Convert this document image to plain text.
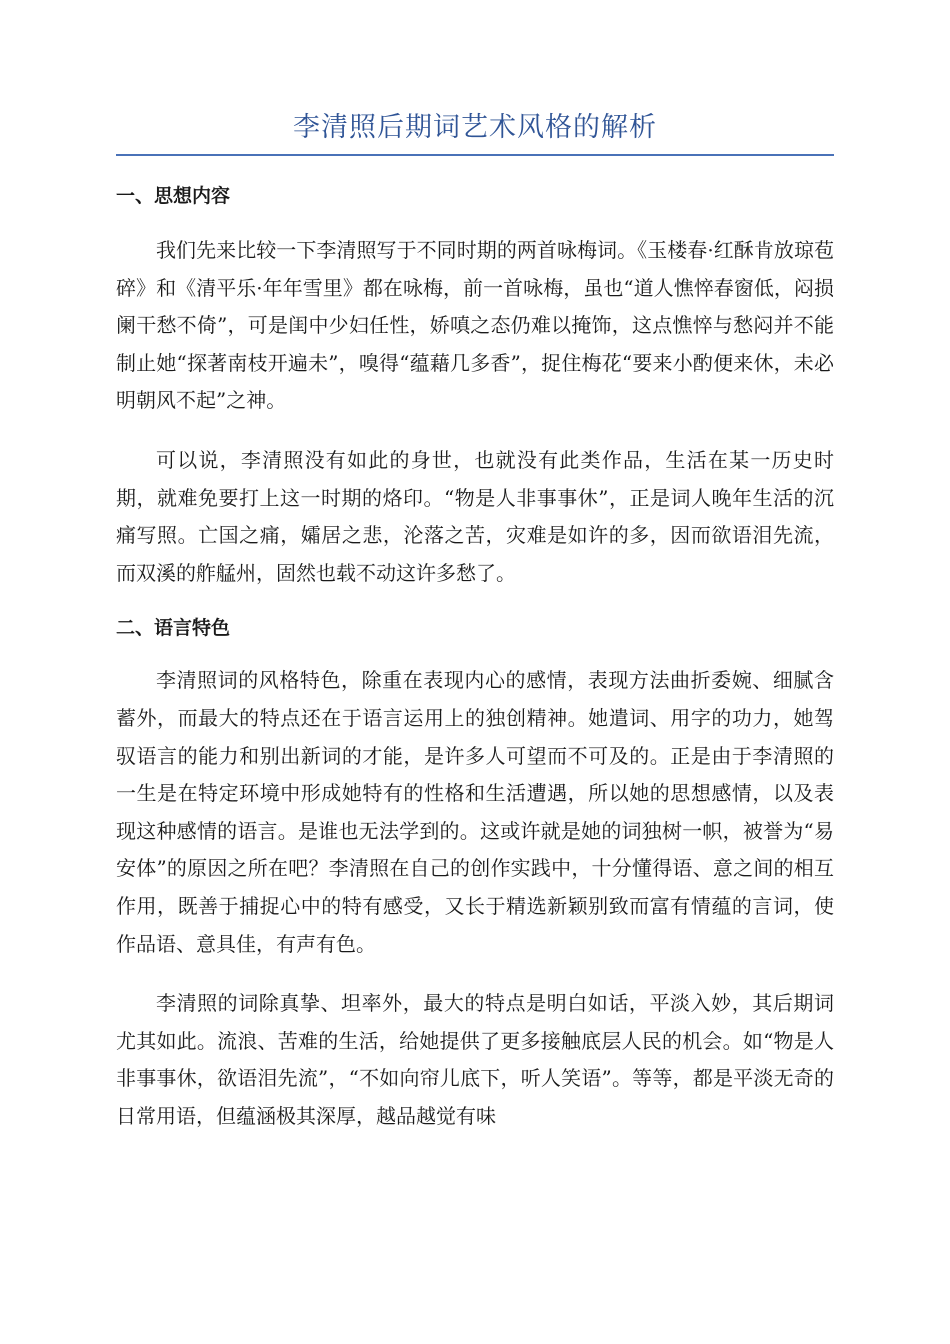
李清照后期词艺术风格的解析
一、思想内容

我们先来比较一下李清照写于不同时期的两首咏梅词。《玉楼春·红酥肯放琼苞碎》和《清平乐·年年雪里》都在咏梅，前一首咏梅，虽也“道人憔悴春窗低，闷损阑干愁不倚”，可是闺中少妇任性，娇嗔之态仍难以掩饰，这点憔悴与愁闷并不能制止她“探著南枝开遍未”，嗅得“蕴藉几多香”，捉住梅花“要来小酌便来休，未必明朝风不起”之神。

可以说，李清照没有如此的身世，也就没有此类作品，生活在某一历史时期，就难免要打上这一时期的烙印。“物是人非事事休”，正是词人晚年生活的沉痛写照。亡国之痛，孀居之悲，沦落之苦，灾难是如许的多，因而欲语泪先流，而双溪的舴艋州，固然也载不动这许多愁了。

二、语言特色

李清照词的风格特色，除重在表现内心的感情，表现方法曲折委婉、细腻含蓄外，而最大的特点还在于语言运用上的独创精神。她遣词、用字的功力，她驾驭语言的能力和别出新词的才能，是许多人可望而不可及的。正是由于李清照的一生是在特定环境中形成她特有的性格和生活遭遇，所以她的思想感情，以及表现这种感情的语言。是谁也无法学到的。这或许就是她的词独树一帜，被誉为“易安体”的原因之所在吧？李清照在自己的创作实践中，十分懂得语、意之间的相互作用，既善于捕捉心中的特有感受，又长于精选新颖别致而富有情蕴的言词，使作品语、意具佳，有声有色。

李清照的词除真挚、坦率外，最大的特点是明白如话，平淡入妙，其后期词尤其如此。流浪、苦难的生活，给她提供了更多接触底层人民的机会。如“物是人非事事休，欲语泪先流”，“不如向帘儿底下，听人笑语”。等等，都是平淡无奇的日常用语，但蕴涵极其深厚，越品越觉有味
